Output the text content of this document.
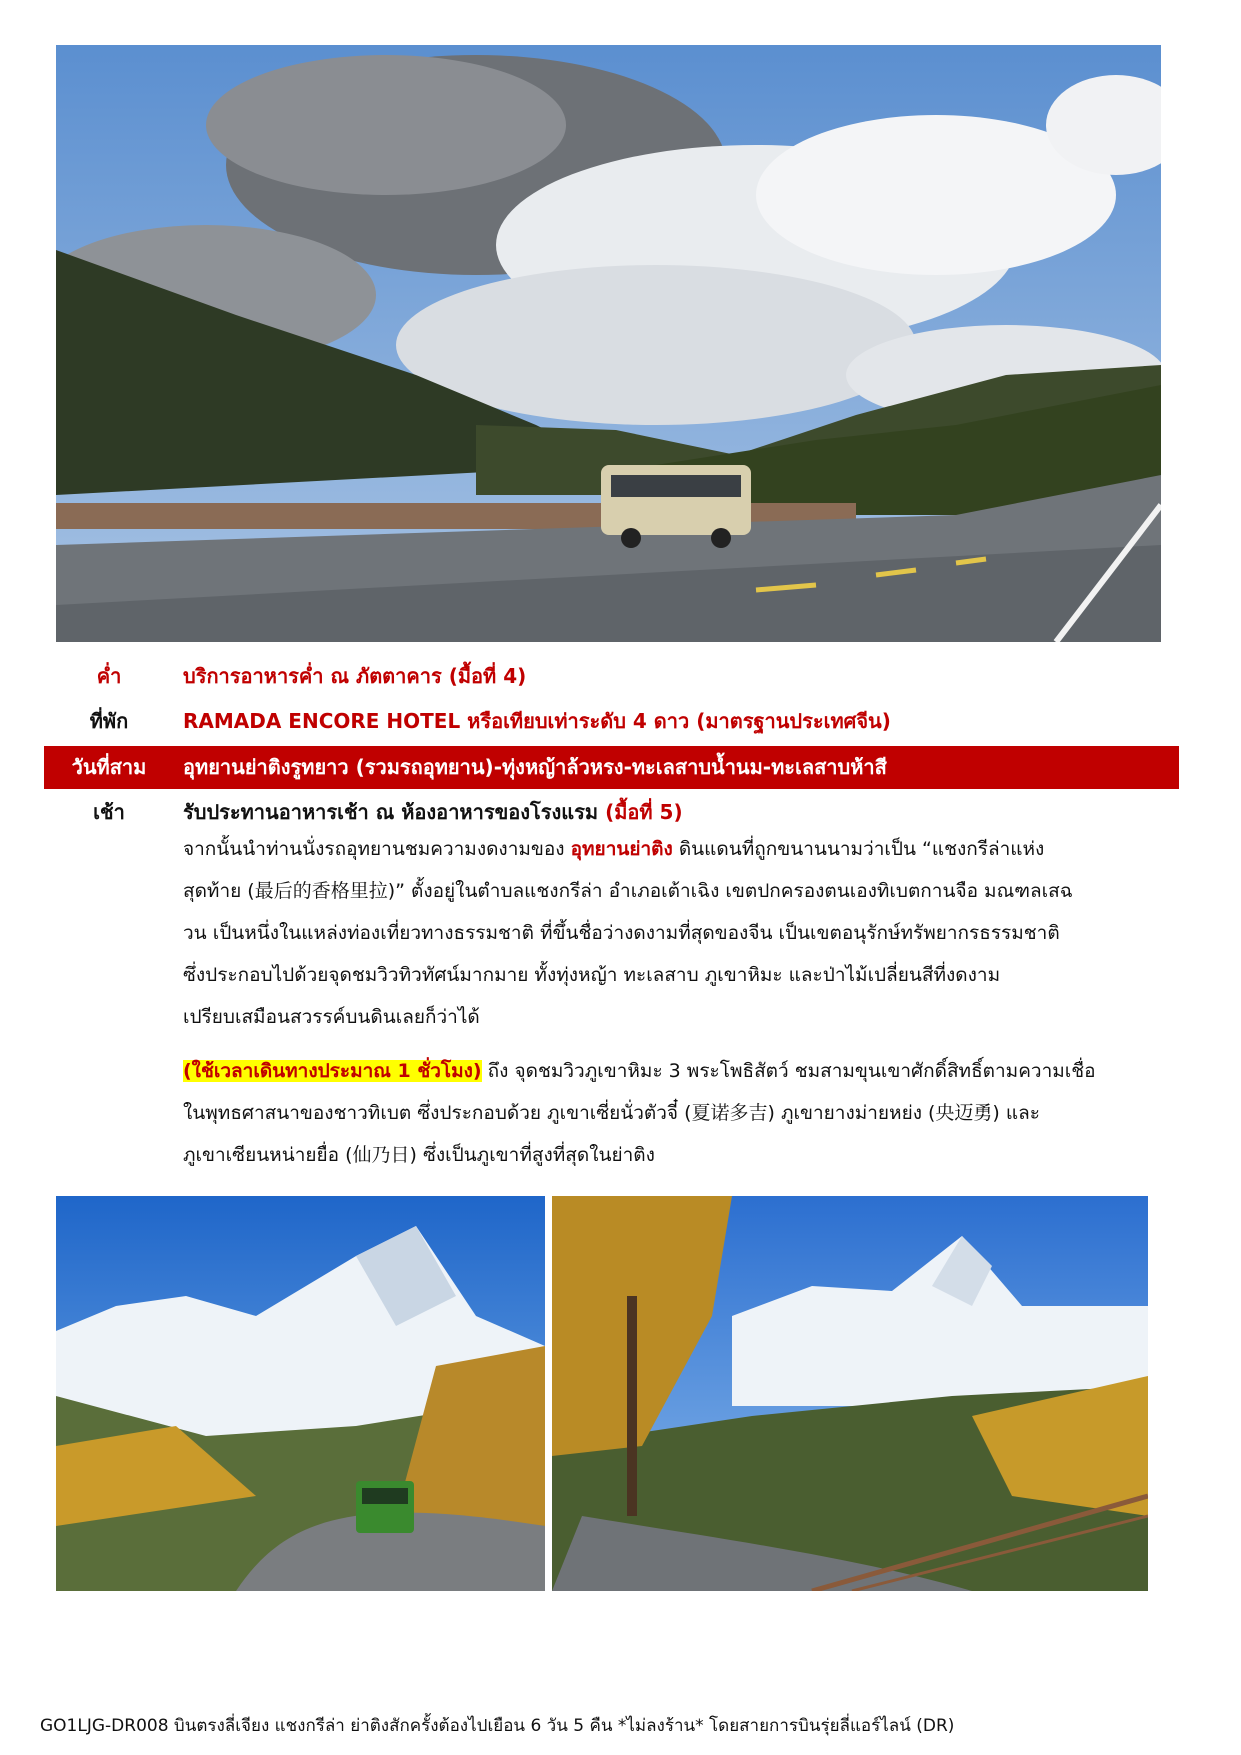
ค่ำ	บริการอาหารค่ำ ณ ภัตตาคาร (มื้อที่ 4)
ที่พัก	RAMADA ENCORE HOTEL หรือเทียบเท่าระดับ 4 ดาว (มาตรฐานประเทศจีน)
วันที่สาม	อุทยานย่าติงรูทยาว (รวมรถอุทยาน)-ทุ่งหญ้าล้วหรง-ทะเลสาบน้ำนม-ทะเลสาบห้าสี
เช้า	รับประทานอาหารเช้า ณ ห้องอาหารของโรงแรม (มื้อที่ 5)
จากนั้นนำท่านนั่งรถอุทยานชมความงดงามของ อุทยานย่าติง ดินแดนที่ถูกขนานนามว่าเป็น “แชงกรีล่าแห่ง
สุดท้าย (最后的香格里拉)” ตั้งอยู่ในตำบลแชงกรีล่า อำเภอเต้าเฉิง เขตปกครองตนเองทิเบตกานจือ มณฑลเสฉ
วน เป็นหนึ่งในแหล่งท่องเที่ยวทางธรรมชาติ ที่ขึ้นชื่อว่างดงามที่สุดของจีน เป็นเขตอนุรักษ์ทรัพยากรธรรมชาติ
ซึ่งประกอบไปด้วยจุดชมวิวทิวทัศน์มากมาย ทั้งทุ่งหญ้า ทะเลสาบ ภูเขาหิมะ และป่าไม้เปลี่ยนสีที่งดงาม
เปรียบเสมือนสวรรค์บนดินเลยก็ว่าได้
(ใช้เวลาเดินทางประมาณ 1 ชั่วโมง) ถึง จุดชมวิวภูเขาหิมะ 3 พระโพธิสัตว์ ชมสามขุนเขาศักดิ์สิทธิ์ตามความเชื่อ
ในพุทธศาสนาของชาวทิเบต ซึ่งประกอบด้วย ภูเขาเซี่ยนั่วตัวจี๋ (夏诺多吉) ภูเขายางม่ายหย่ง (央迈勇) และ
ภูเขาเซียนหน่ายยื่อ (仙乃日) ซึ่งเป็นภูเขาที่สูงที่สุดในย่าติง
GO1LJG-DR008 บินตรงลี่เจียง แชงกรีล่า ย่าติงสักครั้งต้องไปเยือน 6 วัน 5 คืน *ไม่ลงร้าน* โดยสายการบินรุ่ยลี่แอร์ไลน์ (DR)
